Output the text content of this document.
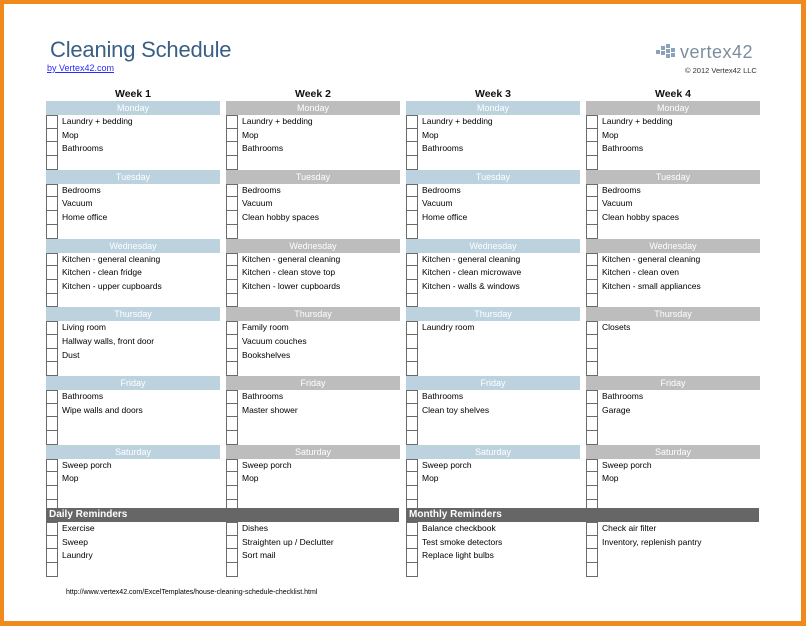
Cleaning Schedule
by Vertex42.com
vertex42
© 2012 Vertex42 LLC
Week 1
Monday
Laundry + bedding
Mop
Bathrooms
Tuesday
Bedrooms
Vacuum
Home office
Wednesday
Kitchen - general cleaning
Kitchen - clean fridge
Kitchen - upper cupboards
Thursday
Living room
Hallway walls, front door
Dust
Friday
Bathrooms
Wipe walls and doors
Saturday
Sweep porch
Mop
Week 2
Monday
Laundry + bedding
Mop
Bathrooms
Tuesday
Bedrooms
Vacuum
Clean hobby spaces
Wednesday
Kitchen - general cleaning
Kitchen - clean stove top
Kitchen - lower cupboards
Thursday
Family room
Vacuum couches
Bookshelves
Friday
Bathrooms
Master shower
Saturday
Sweep porch
Mop
Week 3
Monday
Laundry + bedding
Mop
Bathrooms
Tuesday
Bedrooms
Vacuum
Home office
Wednesday
Kitchen - general cleaning
Kitchen - clean microwave
Kitchen - walls & windows
Thursday
Laundry room
Friday
Bathrooms
Clean toy shelves
Saturday
Sweep porch
Mop
Week 4
Monday
Laundry + bedding
Mop
Bathrooms
Tuesday
Bedrooms
Vacuum
Clean hobby spaces
Wednesday
Kitchen - general cleaning
Kitchen - clean oven
Kitchen - small appliances
Thursday
Closets
Friday
Bathrooms
Garage
Saturday
Sweep porch
Mop
Daily Reminders
Exercise
Sweep
Laundry
Dishes
Straighten up / Declutter
Sort mail
Monthly Reminders
Balance checkbook
Test smoke detectors
Replace light bulbs
Check air filter
Inventory, replenish pantry
http://www.vertex42.com/ExcelTemplates/house-cleaning-schedule-checklist.html
